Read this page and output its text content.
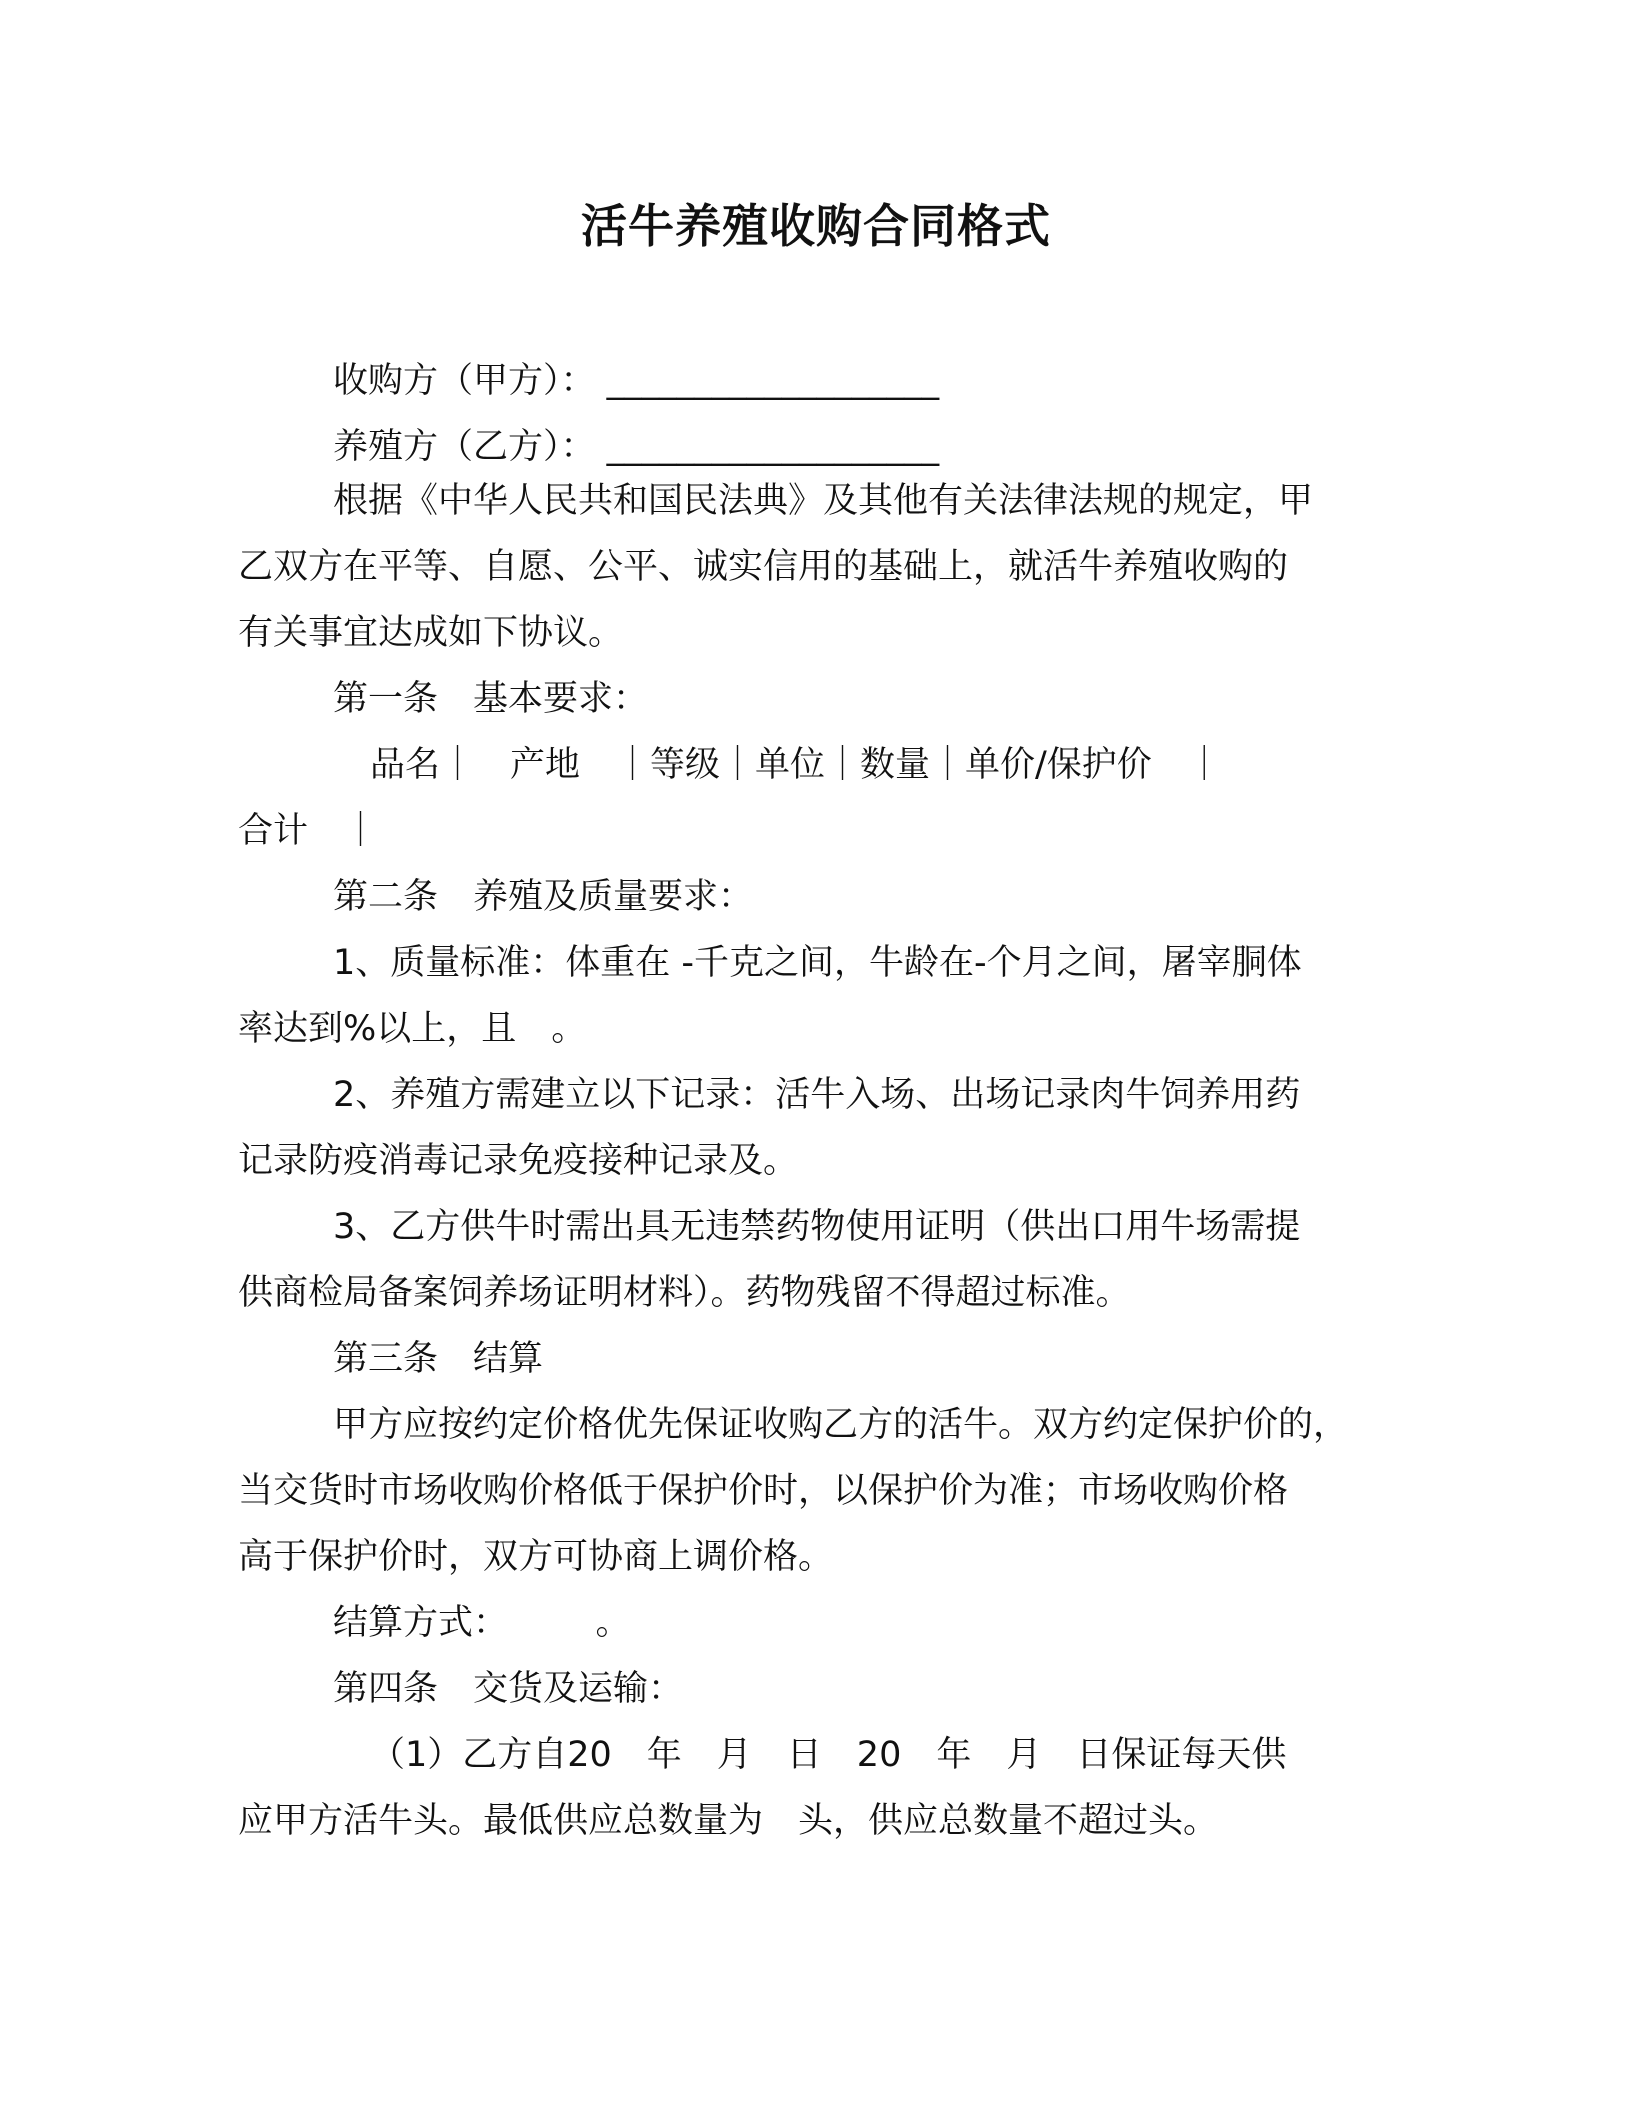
活牛养殖收购合同格式
收购方（甲方）： ___________________
养殖方（乙方）： ___________________
根据《中华人民共和国民法典》及其他有关法律法规的规定，甲
乙双方在平等、自愿、公平、诚实信用的基础上，就活牛养殖收购的
有关事宜达成如下协议。
第一条　基本要求：
品名｜　产地　｜等级｜单位｜数量｜单价/保护价　｜
合计　｜
第二条　养殖及质量要求：
1、质量标准：体重在 -千克之间，牛龄在-个月之间，屠宰胴体
率达到%以上，且　。
2、养殖方需建立以下记录：活牛入场、出场记录肉牛饲养用药
记录防疫消毒记录免疫接种记录及。
3、乙方供牛时需出具无违禁药物使用证明（供出口用牛场需提
供商检局备案饲养场证明材料）。药物残留不得超过标准。
第三条　结算
甲方应按约定价格优先保证收购乙方的活牛。双方约定保护价的，
当交货时市场收购价格低于保护价时，以保护价为准；市场收购价格
高于保护价时，双方可协商上调价格。
结算方式：　　　。
第四条　交货及运输：
（1）乙方自20　年　月　日　20　年　月　日保证每天供
应甲方活牛头。最低供应总数量为　头，供应总数量不超过头。
